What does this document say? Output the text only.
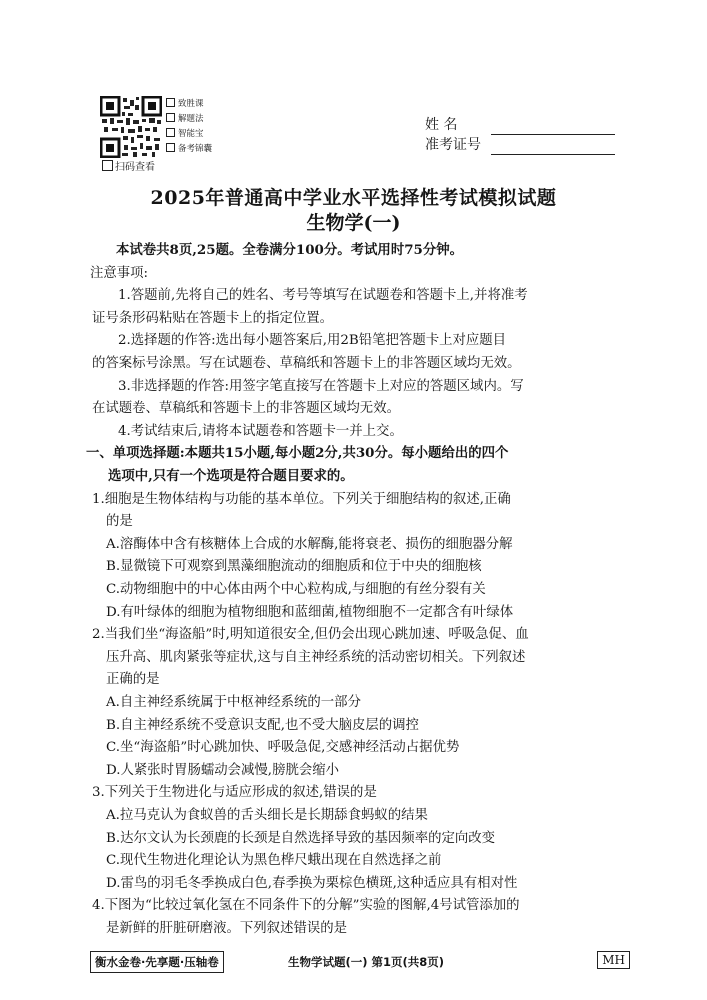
扫码查看
致胜课
解题法
智能宝
备考锦囊
姓 名
准考证号
2025年普通高中学业水平选择性考试模拟试题
生物学(一)
本试卷共8页,25题。全卷满分100分。考试用时75分钟。
注意事项:
1.答题前,先将自己的姓名、考号等填写在试题卷和答题卡上,并将准考
证号条形码粘贴在答题卡上的指定位置。
2.选择题的作答:选出每小题答案后,用2B铅笔把答题卡上对应题目
的答案标号涂黑。写在试题卷、草稿纸和答题卡上的非答题区域均无效。
3.非选择题的作答:用签字笔直接写在答题卡上对应的答题区域内。写
在试题卷、草稿纸和答题卡上的非答题区域均无效。
4.考试结束后,请将本试题卷和答题卡一并上交。
一、单项选择题:本题共15小题,每小题2分,共30分。每小题给出的四个
选项中,只有一个选项是符合题目要求的。
1.细胞是生物体结构与功能的基本单位。下列关于细胞结构的叙述,正确
的是
A.溶酶体中含有核糖体上合成的水解酶,能将衰老、损伤的细胞器分解
B.显微镜下可观察到黑藻细胞流动的细胞质和位于中央的细胞核
C.动物细胞中的中心体由两个中心粒构成,与细胞的有丝分裂有关
D.有叶绿体的细胞为植物细胞和蓝细菌,植物细胞不一定都含有叶绿体
2.当我们坐“海盗船”时,明知道很安全,但仍会出现心跳加速、呼吸急促、血
压升高、肌肉紧张等症状,这与自主神经系统的活动密切相关。下列叙述
正确的是
A.自主神经系统属于中枢神经系统的一部分
B.自主神经系统不受意识支配,也不受大脑皮层的调控
C.坐“海盗船”时心跳加快、呼吸急促,交感神经活动占据优势
D.人紧张时胃肠蠕动会减慢,膀胱会缩小
3.下列关于生物进化与适应形成的叙述,错误的是
A.拉马克认为食蚁兽的舌头细长是长期舔食蚂蚁的结果
B.达尔文认为长颈鹿的长颈是自然选择导致的基因频率的定向改变
C.现代生物进化理论认为黑色桦尺蛾出现在自然选择之前
D.雷鸟的羽毛冬季换成白色,春季换为栗棕色横斑,这种适应具有相对性
4.下图为“比较过氧化氢在不同条件下的分解”实验的图解,4号试管添加的
是新鲜的肝脏研磨液。下列叙述错误的是
衡水金卷·先享题·压轴卷	生物学试题(一) 第1页(共8页)	MH
